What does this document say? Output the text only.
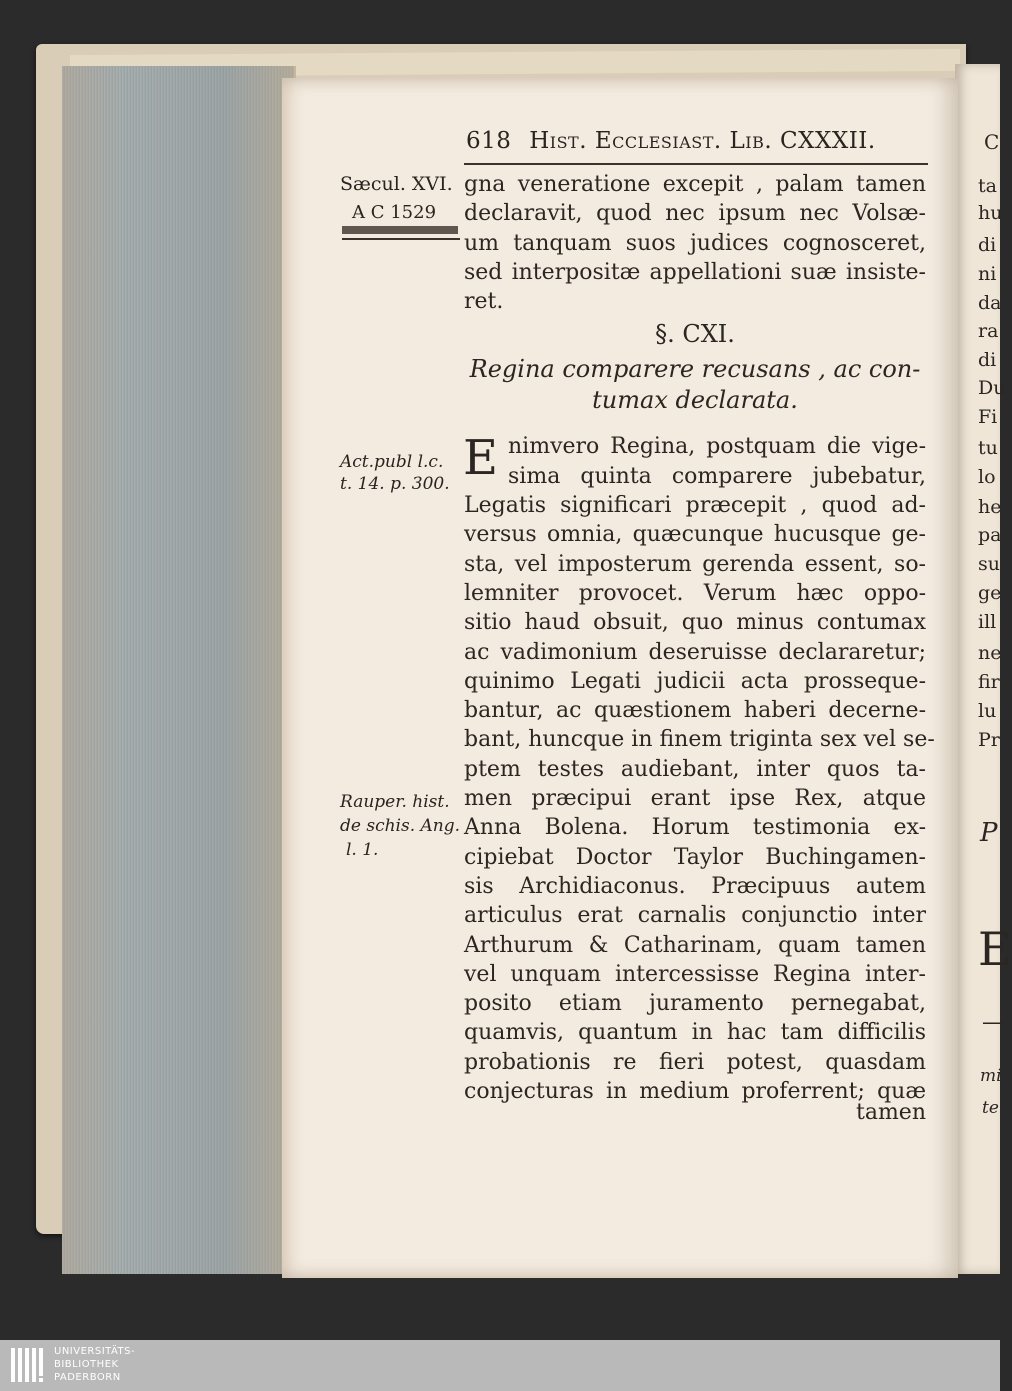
618 Hist. Ecclesiast. Lib. CXXXII.
Sæcul. XVI.
A C 1529
Act.publ l.c.
t. 14. p. 300.
Rauper. hist.
de schis. Ang.
l. 1.
gna veneratione excepit , palam tamen
declaravit, quod nec ipsum nec Volsæ-
um tanquam suos judices cognosceret,
sed interpositæ appellationi suæ insiste-
ret.
§. CXI.
Regina comparere recusans , ac con-
tumax declarata.
E nimvero Regina, postquam die vige-
sima quinta comparere jubebatur,
Legatis significari præcepit , quod ad-
versus omnia, quæcunque hucusque ge-
sta, vel imposterum gerenda essent, so-
lemniter provocet. Verum hæc oppo-
sitio haud obsuit, quo minus contumax
ac vadimonium deseruisse declararetur;
quinimo Legati judicii acta prosseque-
bantur, ac quæstionem haberi decerne-
bant, huncque in finem triginta sex vel se-
ptem testes audiebant, inter quos ta-
men præcipui erant ipse Rex, atque
Anna Bolena. Horum testimonia ex-
cipiebat Doctor Taylor Buchingamen-
sis Archidiaconus. Præcipuus autem
articulus erat carnalis conjunctio inter
Arthurum & Catharinam, quam tamen
vel unquam intercessisse Regina inter-
posito etiam juramento pernegabat,
quamvis, quantum in hac tam difficilis
probationis re fieri potest, quasdam
conjecturas in medium proferrent; quæ
tamen
C
ta
hu
di
ni
da
ra
di
Du
Fi
tu
lo
he
pa
su
ge
ill
ne
fir
lu
Pr
P
E
—
mi
te
UNIVERSITÄTS-
BIBLIOTHEK
PADERBORN
